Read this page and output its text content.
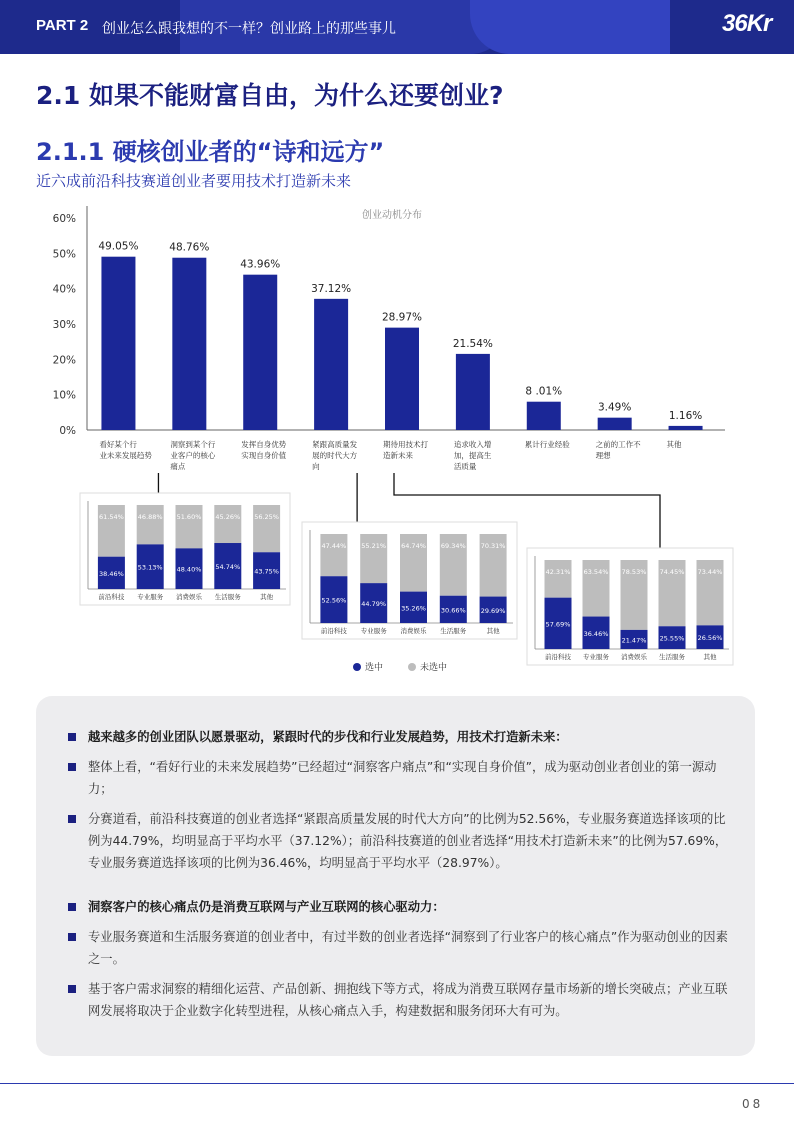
PART 2 创业怎么跟我想的不一样？创业路上的那些事儿	36Kr
2.1 如果不能财富自由，为什么还要创业?
2.1.1 硬核创业者的“诗和远方”
近六成前沿科技赛道创业者要用技术打造新未来
创业动机分布
0%
10%
20%
30%
40%
50%
60%
49.05%
看好某个行
业未来发展趋势
48.76%
洞察到某个行
业客户的核心
痛点
43.96%
发挥自身优势
实现自身价值
37.12%
紧跟高质量发
展的时代大方
向
28.97%
期待用技术打
造新未来
21.54%
追求收入增
加，提高生
活质量
8 .01%
累计行业经验
3.49%
之前的工作不
理想
1.16%
其他
61.54%
38.46%
前沿科技
46.88%
53.13%
专业服务
51.60%
48.40%
消费娱乐
45.26%
54.74%
生活服务
56.25%
43.75%
其他
47.44%
52.56%
前沿科技
55.21%
44.79%
专业服务
64.74%
35.26%
消费娱乐
69.34%
30.66%
生活服务
70.31%
29.69%
其他
42.31%
57.69%
前沿科技
63.54%
36.46%
专业服务
78.53%
21.47%
消费娱乐
74.45%
25.55%
生活服务
73.44%
26.56%
其他
选中	未选中
越来越多的创业团队以愿景驱动，紧跟时代的步伐和行业发展趋势，用技术打造新未来：
整体上看，“看好行业的未来发展趋势”已经超过“洞察客户痛点”和“实现自身价值”，成为驱动创业者创业的第一源动力；
分赛道看，前沿科技赛道的创业者选择“紧跟高质量发展的时代大方向”的比例为52.56%，专业服务赛道选择该项的比例为44.79%，均明显高于平均水平（37.12%）；前沿科技赛道的创业者选择“用技术打造新未来”的比例为57.69%，专业服务赛道选择该项的比例为36.46%，均明显高于平均水平（28.97%）。
洞察客户的核心痛点仍是消费互联网与产业互联网的核心驱动力：
专业服务赛道和生活服务赛道的创业者中，有过半数的创业者选择“洞察到了行业客户的核心痛点”作为驱动创业的因素之一。
基于客户需求洞察的精细化运营、产品创新、拥抱线下等方式，将成为消费互联网存量市场新的增长突破点；产业互联网发展将取决于企业数字化转型进程，从核心痛点入手，构建数据和服务闭环大有可为。
08
